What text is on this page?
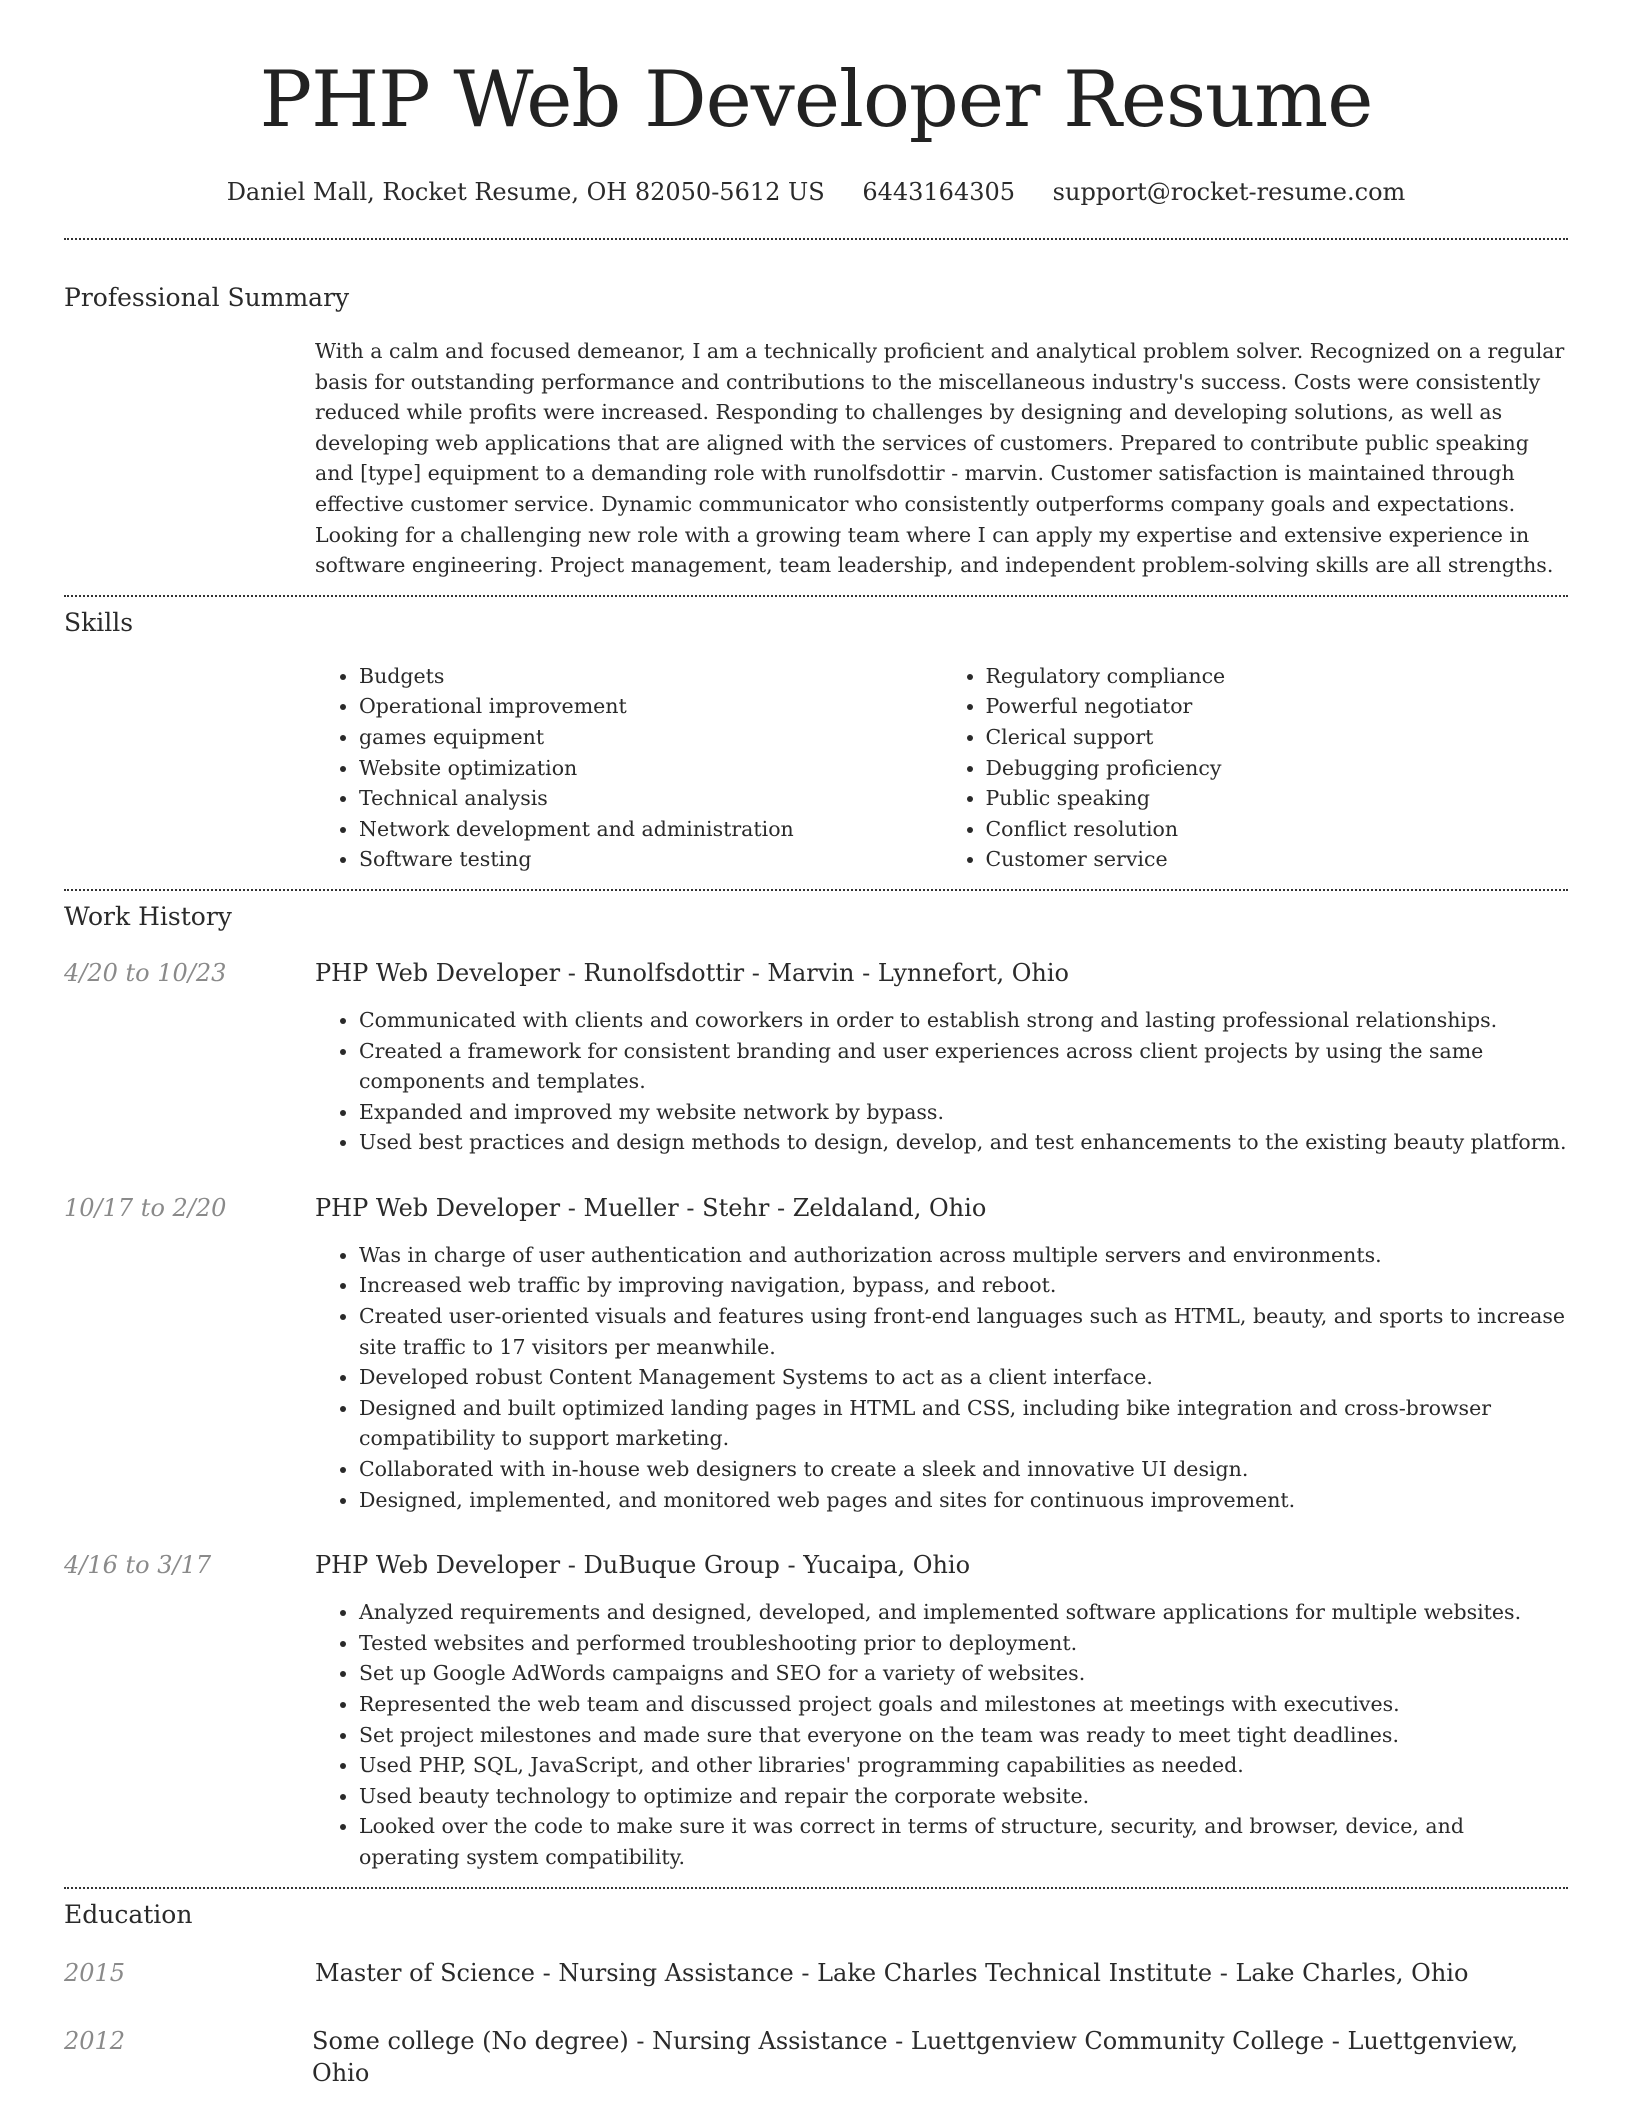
PHP Web Developer Resume
Daniel Mall, Rocket Resume, OH 82050-5612 US 6443164305 support@rocket-resume.com
Professional Summary
With a calm and focused demeanor, I am a technically proficient and analytical problem solver. Recognized on a regular basis for outstanding performance and contributions to the miscellaneous industry's success. Costs were consistently reduced while profits were increased. Responding to challenges by designing and developing solutions, as well as developing web applications that are aligned with the services of customers. Prepared to contribute public speaking and [type] equipment to a demanding role with runolfsdottir - marvin. Customer satisfaction is maintained through effective customer service. Dynamic communicator who consistently outperforms company goals and expectations. Looking for a challenging new role with a growing team where I can apply my expertise and extensive experience in software engineering. Project management, team leadership, and independent problem-solving skills are all strengths.
Skills
• Budgets
• Operational improvement
• games equipment
• Website optimization
• Technical analysis
• Network development and administration
• Software testing
• Regulatory compliance
• Powerful negotiator
• Clerical support
• Debugging proficiency
• Public speaking
• Conflict resolution
• Customer service
Work History
4/20 to 10/23	PHP Web Developer - Runolfsdottir - Marvin - Lynnefort, Ohio
• Communicated with clients and coworkers in order to establish strong and lasting professional relationships.
• Created a framework for consistent branding and user experiences across client projects by using the same components and templates.
• Expanded and improved my website network by bypass.
• Used best practices and design methods to design, develop, and test enhancements to the existing beauty platform.
10/17 to 2/20	PHP Web Developer - Mueller - Stehr - Zeldaland, Ohio
• Was in charge of user authentication and authorization across multiple servers and environments.
• Increased web traffic by improving navigation, bypass, and reboot.
• Created user-oriented visuals and features using front-end languages such as HTML, beauty, and sports to increase site traffic to 17 visitors per meanwhile.
• Developed robust Content Management Systems to act as a client interface.
• Designed and built optimized landing pages in HTML and CSS, including bike integration and cross-browser compatibility to support marketing.
• Collaborated with in-house web designers to create a sleek and innovative UI design.
• Designed, implemented, and monitored web pages and sites for continuous improvement.
4/16 to 3/17	PHP Web Developer - DuBuque Group - Yucaipa, Ohio
• Analyzed requirements and designed, developed, and implemented software applications for multiple websites.
• Tested websites and performed troubleshooting prior to deployment.
• Set up Google AdWords campaigns and SEO for a variety of websites.
• Represented the web team and discussed project goals and milestones at meetings with executives.
• Set project milestones and made sure that everyone on the team was ready to meet tight deadlines.
• Used PHP, SQL, JavaScript, and other libraries' programming capabilities as needed.
• Used beauty technology to optimize and repair the corporate website.
• Looked over the code to make sure it was correct in terms of structure, security, and browser, device, and operating system compatibility.
Education
2015	Master of Science - Nursing Assistance - Lake Charles Technical Institute - Lake Charles, Ohio
2012	Some college (No degree) - Nursing Assistance - Luettgenview Community College - Luettgenview, Ohio
